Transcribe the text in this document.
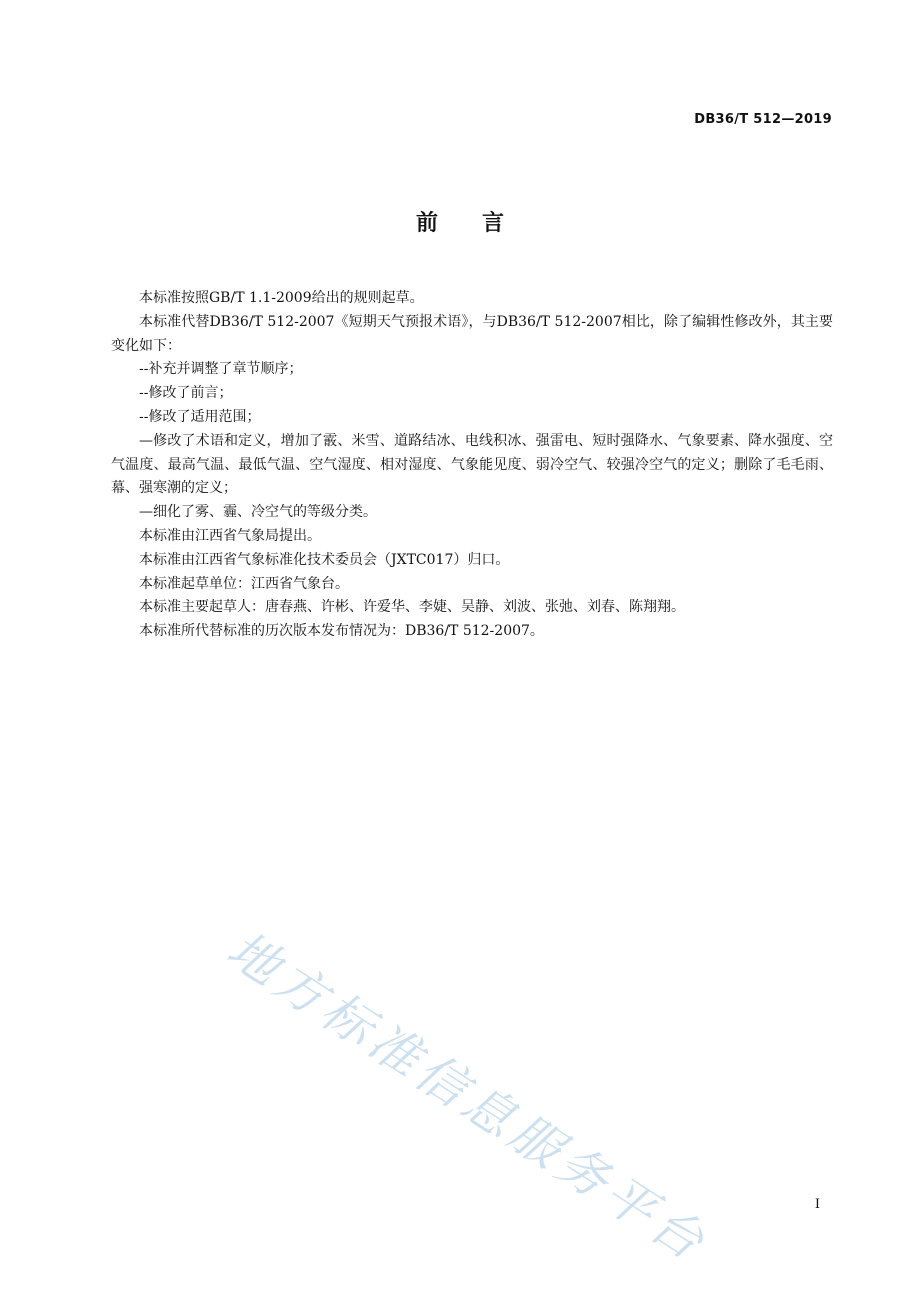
DB36/T 512—2019
前　　言

本标准按照GB/T 1.1-2009给出的规则起草。

本标准代替DB36/T 512-2007《短期天气预报术语》，与DB36/T 512-2007相比，除了编辑性修改外，其主要变化如下：

--补充并调整了章节顺序；

--修改了前言；

--修改了适用范围；

—修改了术语和定义，增加了霰、米雪、道路结冰、电线积冰、强雷电、短时强降水、气象要素、降水强度、空气温度、最高气温、最低气温、空气湿度、相对湿度、气象能见度、弱冷空气、较强冷空气的定义；删除了毛毛雨、幕、强寒潮的定义；

—细化了雾、霾、冷空气的等级分类。

本标准由江西省气象局提出。

本标准由江西省气象标准化技术委员会（JXTC017）归口。

本标准起草单位：江西省气象台。

本标准主要起草人：唐春燕、许彬、许爱华、李婕、吴静、刘波、张弛、刘春、陈翔翔。

本标准所代替标准的历次版本发布情况为：DB36/T 512-2007。

地方标准信息服务平台	I
